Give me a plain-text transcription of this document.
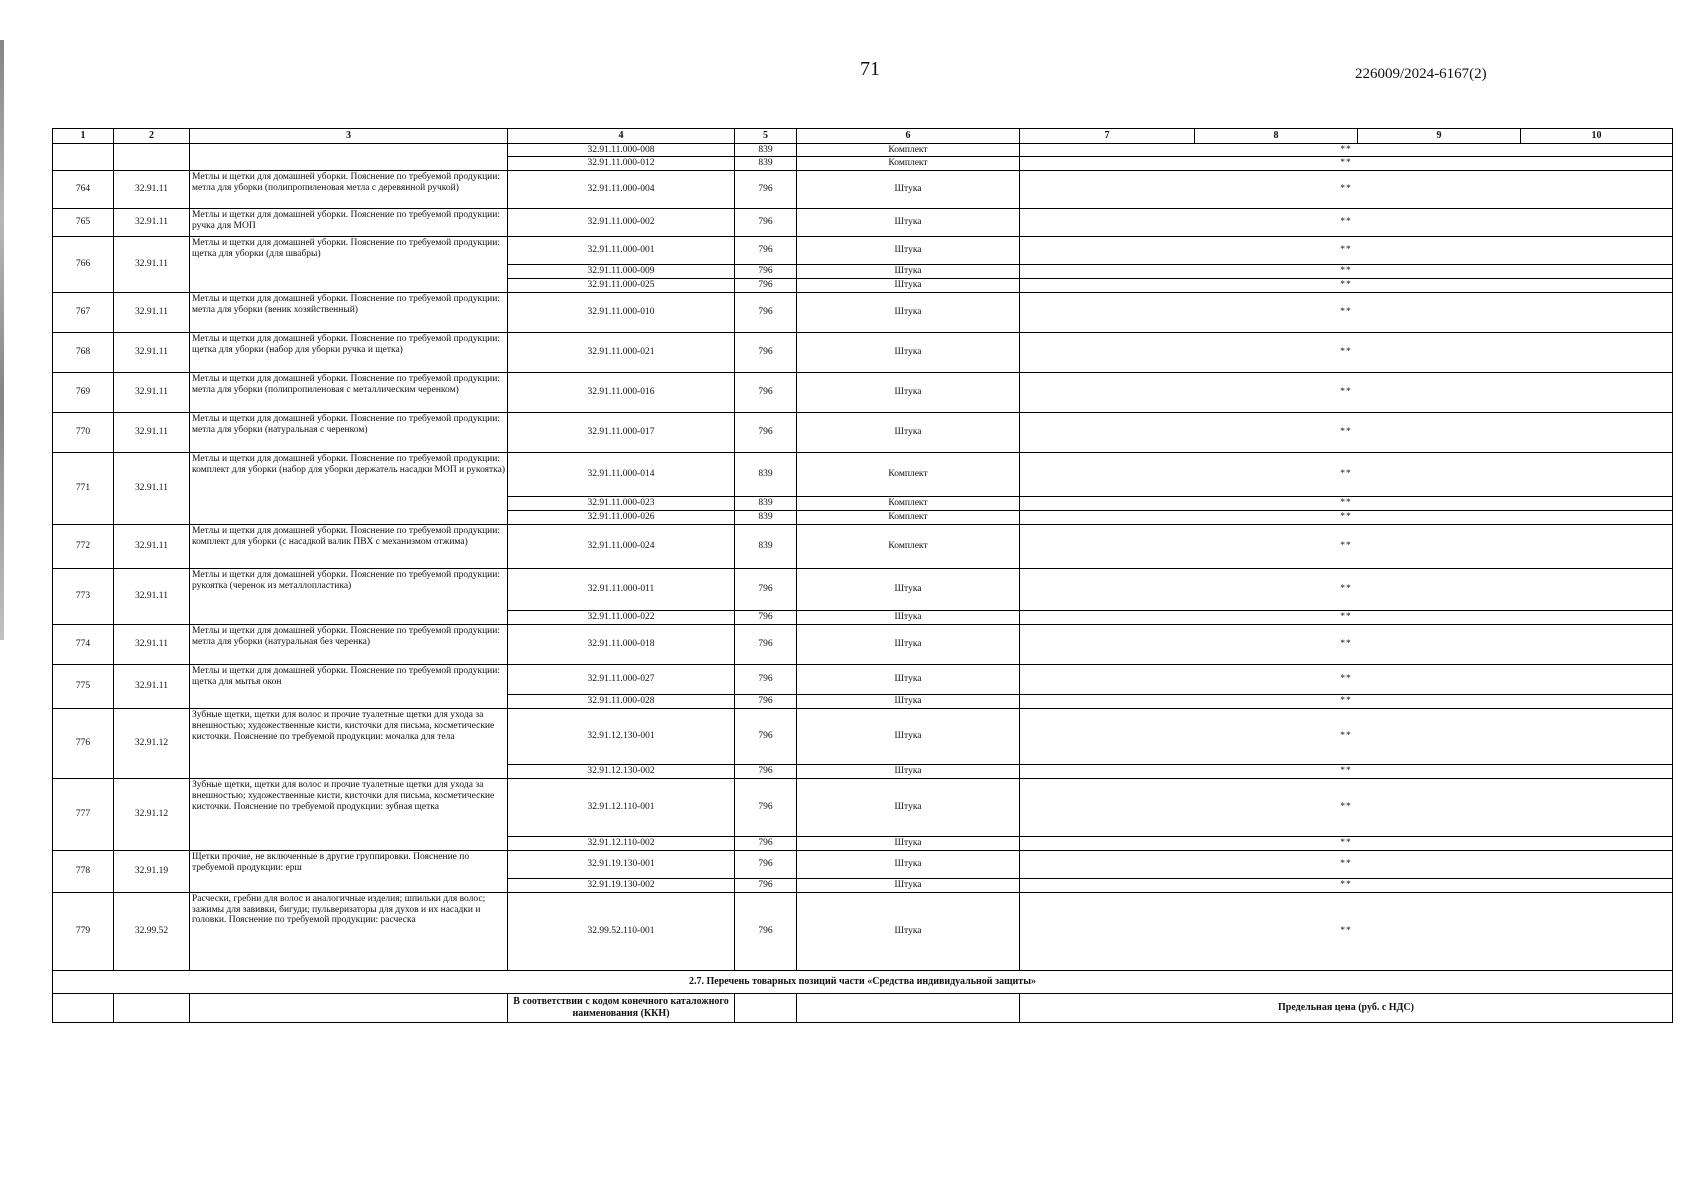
71	226009/2024-6167(2)
1	2	3	4	5	6	7	8	9	10
			32.91.11.000-008	839	Комплект	**			
			32.91.11.000-012	839	Комплект	**			
764	32.91.11	Метлы и щетки для домашней уборки. Пояснение по требуемой продукции: метла для уборки (полипропиленовая метла с деревянной ручкой)	32.91.11.000-004	796	Штука	**			
765	32.91.11	Метлы и щетки для домашней уборки. Пояснение по требуемой продукции: ручка для МОП	32.91.11.000-002	796	Штука	**			
766	32.91.11	Метлы и щетки для домашней уборки. Пояснение по требуемой продукции: щетка для уборки (для швабры)	32.91.11.000-001	796	Штука	**			
			32.91.11.000-009	796	Штука	**			
			32.91.11.000-025	796	Штука	**			
767	32.91.11	Метлы и щетки для домашней уборки. Пояснение по требуемой продукции: метла для уборки (веник хозяйственный)	32.91.11.000-010	796	Штука	**			
768	32.91.11	Метлы и щетки для домашней уборки. Пояснение по требуемой продукции: щетка для уборки (набор для уборки ручка и щетка)	32.91.11.000-021	796	Штука	**			
769	32.91.11	Метлы и щетки для домашней уборки. Пояснение по требуемой продукции: метла для уборки (полипропиленовая с металлическим черенком)	32.91.11.000-016	796	Штука	**			
770	32.91.11	Метлы и щетки для домашней уборки. Пояснение по требуемой продукции: метла для уборки (натуральная с черенком)	32.91.11.000-017	796	Штука	**			
771	32.91.11	Метлы и щетки для домашней уборки. Пояснение по требуемой продукции: комплект для уборки (набор для уборки держатель насадки МОП и рукоятка)	32.91.11.000-014	839	Комплект	**			
			32.91.11.000-023	839	Комплект	**			
			32.91.11.000-026	839	Комплект	**			
772	32.91.11	Метлы и щетки для домашней уборки. Пояснение по требуемой продукции: комплект для уборки (с насадкой валик ПВХ с механизмом отжима)	32.91.11.000-024	839	Комплект	**			
773	32.91.11	Метлы и щетки для домашней уборки. Пояснение по требуемой продукции: рукоятка (черенок из металлопластика)	32.91.11.000-011	796	Штука	**			
			32.91.11.000-022	796	Штука	**			
774	32.91.11	Метлы и щетки для домашней уборки. Пояснение по требуемой продукции: метла для уборки (натуральная без черенка)	32.91.11.000-018	796	Штука	**			
775	32.91.11	Метлы и щетки для домашней уборки. Пояснение по требуемой продукции: щетка для мытья окон	32.91.11.000-027	796	Штука	**			
			32.91.11.000-028	796	Штука	**			
776	32.91.12	Зубные щетки, щетки для волос и прочие туалетные щетки для ухода за внешностью; художественные кисти, кисточки для письма, косметические кисточки. Пояснение по требуемой продукции: мочалка для тела	32.91.12.130-001	796	Штука	**			
			32.91.12.130-002	796	Штука	**			
777	32.91.12	Зубные щетки, щетки для волос и прочие туалетные щетки для ухода за внешностью; художественные кисти, кисточки для письма, косметические кисточки. Пояснение по требуемой продукции: зубная щетка	32.91.12.110-001	796	Штука	**			
			32.91.12.110-002	796	Штука	**			
778	32.91.19	Щетки прочие, не включенные в другие группировки. Пояснение по требуемой продукции: ерш	32.91.19.130-001	796	Штука	**			
			32.91.19.130-002	796	Штука	**			
779	32.99.52	Расчески, гребни для волос и аналогичные изделия; шпильки для волос; зажимы для завивки, бигуди; пульверизаторы для духов и их насадки и головки. Пояснение по требуемой продукции: расческа	32.99.52.110-001	796	Штука	**			
2.7. Перечень товарных позиций части «Средства индивидуальной защиты»									
			В соответствии с кодом конечного каталожного наименования (ККН)			Предельная цена (руб. с НДС)			
